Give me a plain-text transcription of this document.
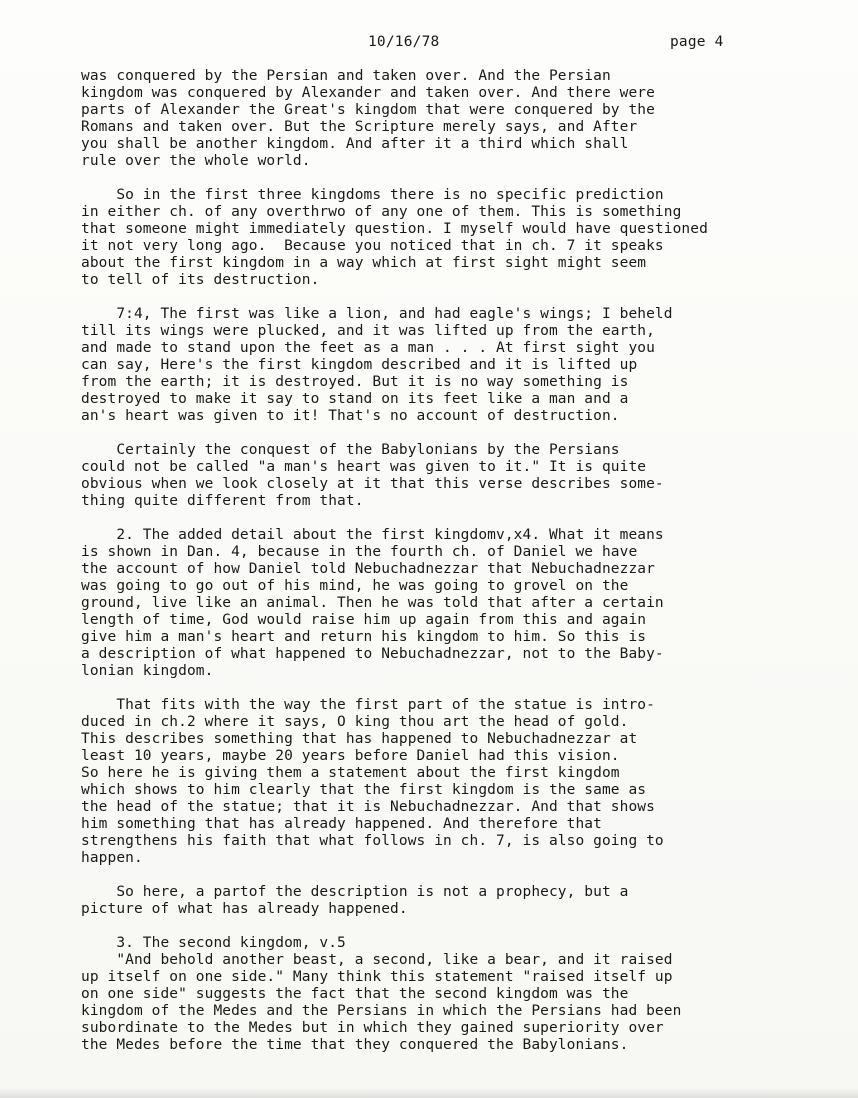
10/16/78	page 4
was conquered by the Persian and taken over. And the Persian
kingdom was conquered by Alexander and taken over. And there were
parts of Alexander the Great's kingdom that were conquered by the
Romans and taken over. But the Scripture merely says, and After
you shall be another kingdom. And after it a third which shall
rule over the whole world.
So in the first three kingdoms there is no specific prediction
in either ch. of any overthrwo of any one of them. This is something
that someone might immediately question. I myself would have questioned
it not very long ago.  Because you noticed that in ch. 7 it speaks
about the first kingdom in a way which at first sight might seem
to tell of its destruction.
7:4, The first was like a lion, and had eagle's wings; I beheld
till its wings were plucked, and it was lifted up from the earth,
and made to stand upon the feet as a man . . . At first sight you
can say, Here's the first kingdom described and it is lifted up
from the earth; it is destroyed. But it is no way something is
destroyed to make it say to stand on its feet like a man and a
an's heart was given to it! That's no account of destruction.
Certainly the conquest of the Babylonians by the Persians
could not be called "a man's heart was given to it." It is quite
obvious when we look closely at it that this verse describes some-
thing quite different from that.
2. The added detail about the first kingdomv,x4. What it means
is shown in Dan. 4, because in the fourth ch. of Daniel we have
the account of how Daniel told Nebuchadnezzar that Nebuchadnezzar
was going to go out of his mind, he was going to grovel on the
ground, live like an animal. Then he was told that after a certain
length of time, God would raise him up again from this and again
give him a man's heart and return his kingdom to him. So this is
a description of what happened to Nebuchadnezzar, not to the Baby-
lonian kingdom.
That fits with the way the first part of the statue is intro-
duced in ch.2 where it says, O king thou art the head of gold.
This describes something that has happened to Nebuchadnezzar at
least 10 years, maybe 20 years before Daniel had this vision.
So here he is giving them a statement about the first kingdom
which shows to him clearly that the first kingdom is the same as
the head of the statue; that it is Nebuchadnezzar. And that shows
him something that has already happened. And therefore that
strengthens his faith that what follows in ch. 7, is also going to
happen.
So here, a partof the description is not a prophecy, but a
picture of what has already happened.
3. The second kingdom, v.5
"And behold another beast, a second, like a bear, and it raised
up itself on one side." Many think this statement "raised itself up
on one side" suggests the fact that the second kingdom was the
kingdom of the Medes and the Persians in which the Persians had been
subordinate to the Medes but in which they gained superiority over
the Medes before the time that they conquered the Babylonians.
